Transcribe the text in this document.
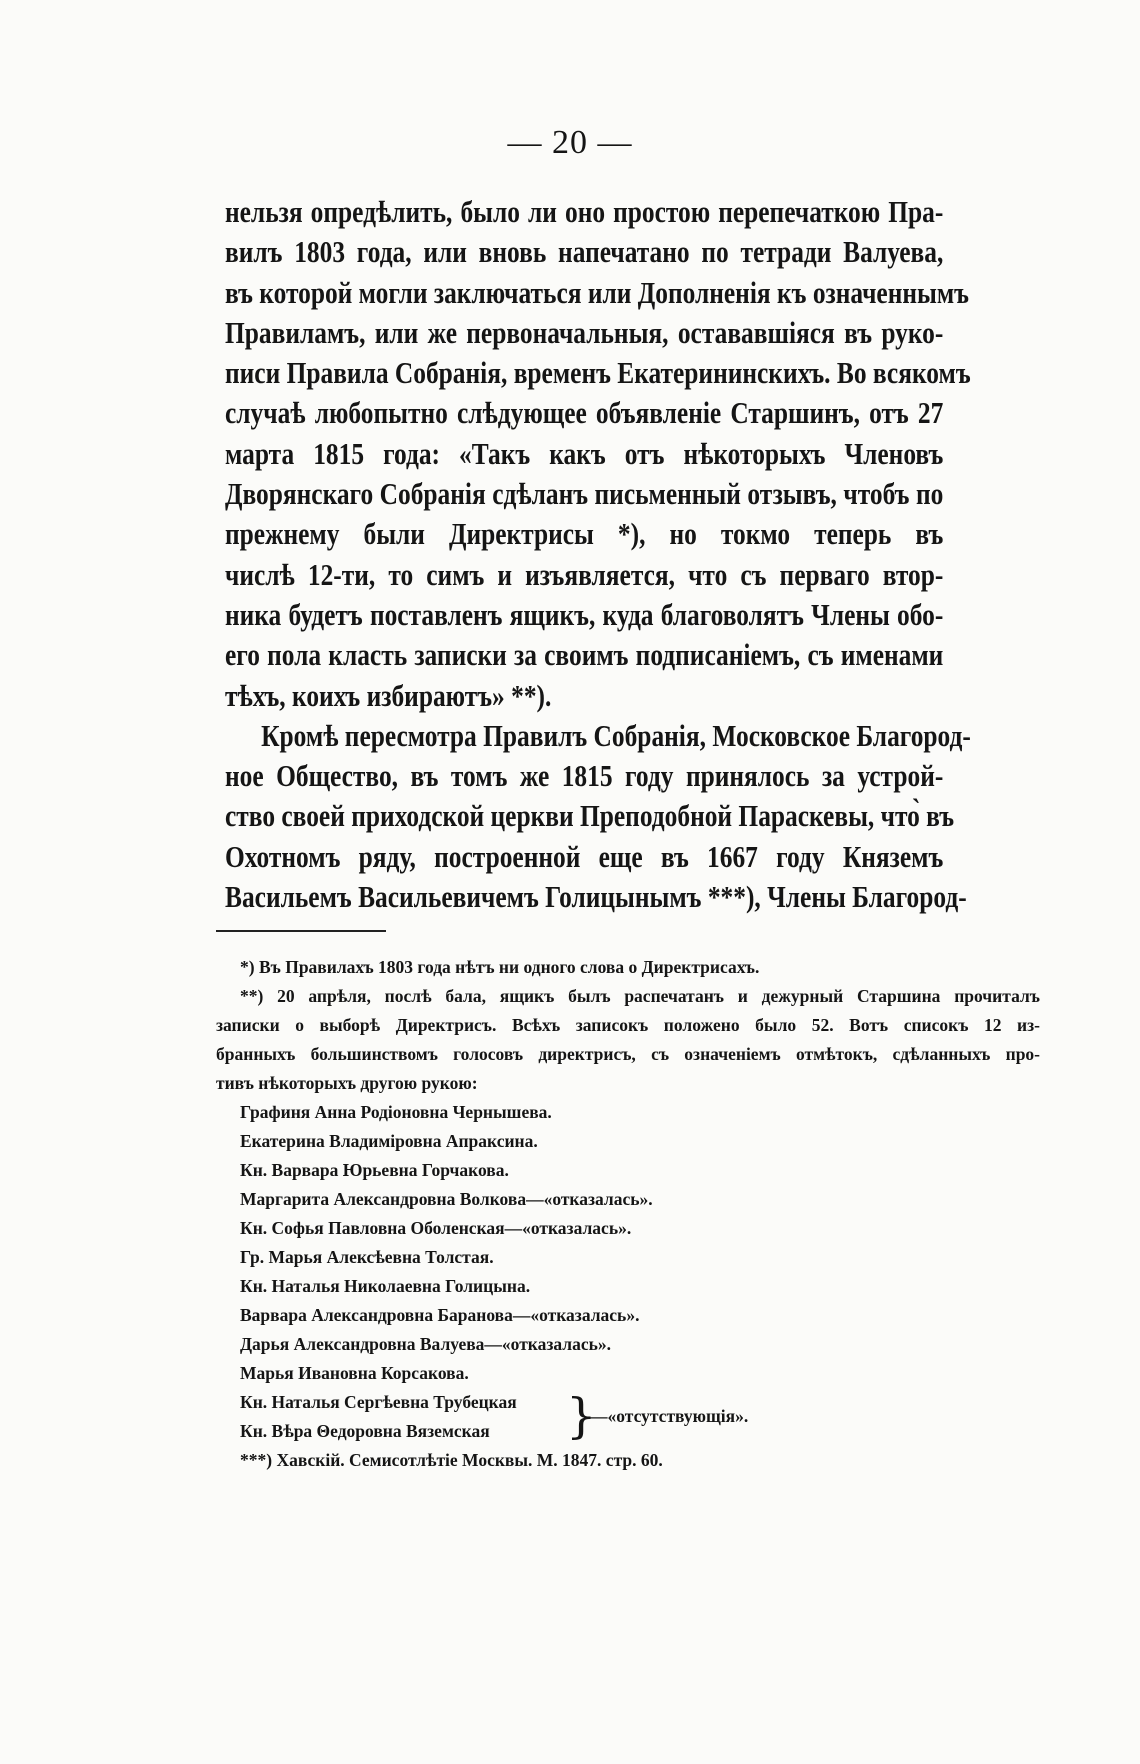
— 20 —
нельзя опредѣлить, было ли оно простою перепечаткою Пра-
вилъ 1803 года, или вновь напечатано по тетради Валуева,
въ которой могли заключаться или Дополненія къ означеннымъ
Правиламъ, или же первоначальныя, остававшіяся въ руко-
писи Правила Собранія, временъ Екатерининскихъ. Во всякомъ
случаѣ любопытно слѣдующее объявленіе Старшинъ, отъ 27
марта 1815 года: «Такъ какъ отъ нѣкоторыхъ Членовъ
Дворянскаго Собранія сдѣланъ письменный отзывъ, чтобъ по
прежнему были Директрисы *), но токмо теперь въ
числѣ 12-ти, то симъ и изъявляется, что съ перваго втор-
ника будетъ поставленъ ящикъ, куда благоволятъ Члены обо-
его пола класть записки за своимъ подписаніемъ, съ именами
тѣхъ, коихъ избираютъ» **).
Кромѣ пересмотра Правилъ Собранія, Московское Благород-
ное Общество, въ томъ же 1815 году принялось за устрой-
ство своей приходской церкви Преподобной Параскевы, что̀ въ
Охотномъ ряду, построенной еще въ 1667 году Княземъ
Васильемъ Васильевичемъ Голицынымъ ***), Члены Благород-
*) Въ Правилахъ 1803 года нѣтъ ни одного слова о Директрисахъ.
**) 20 апрѣля, послѣ бала, ящикъ былъ распечатанъ и дежурный Старшина прочиталъ
записки о выборѣ Директрисъ. Всѣхъ записокъ положено было 52. Вотъ списокъ 12 из-
бранныхъ большинствомъ голосовъ директрисъ, съ означеніемъ отмѣтокъ, сдѣланныхъ про-
тивъ нѣкоторыхъ другою рукою:
Графиня Анна Родіоновна Чернышева.
Екатерина Владиміровна Апраксина.
Кн. Варвара Юрьевна Горчакова.
Маргарита Александровна Волкова—«отказалась».
Кн. Софья Павловна Оболенская—«отказалась».
Гр. Марья Алексѣевна Толстая.
Кн. Наталья Николаевна Голицына.
Варвара Александровна Баранова—«отказалась».
Дарья Александровна Валуева—«отказалась».
Марья Ивановна Корсакова.
Кн. Наталья Сергѣевна Трубецкая
Кн. Вѣра Θедоровна Вяземская	}
—«отсутствующія».
***) Хавскій. Семисотлѣтіе Москвы. М. 1847. стр. 60.
